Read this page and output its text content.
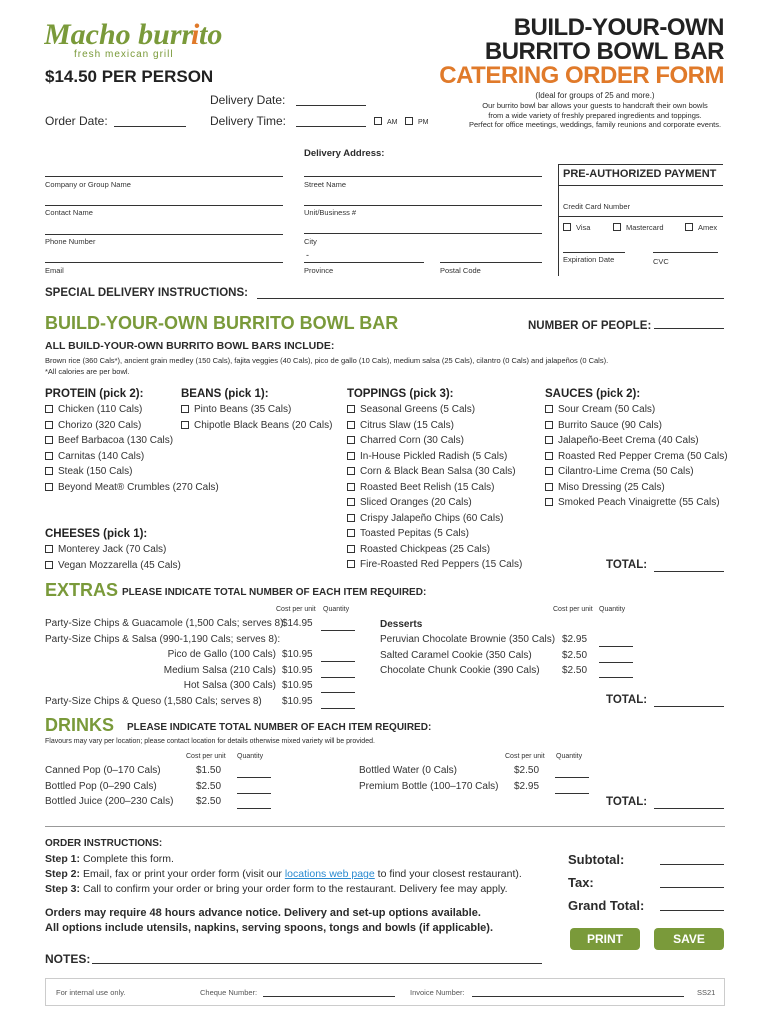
Macho burr
i to
fresh mexican grill
BUILD-YOUR-OWN
BURRITO BOWL BAR
CATERING ORDER FORM
$14.50 PER PERSON
(Ideal for groups of 25 and more.)
Our burrito bowl bar allows your guests to handcraft their own bowls
from a wide variety of freshly prepared ingredients and toppings.
Perfect for office meetings, weddings, family reunions and corporate events.
Delivery Date:
Order Date:	Delivery Time:	AM	PM
Delivery Address:
Company or Group Name
Contact Name
Phone Number
Email
Street Name
Unit/Business #
City
-
Province	Postal Code
PRE-AUTHORIZED PAYMENT
Credit Card Number
Visa	Mastercard	Amex
Expiration Date	CVC
SPECIAL DELIVERY INSTRUCTIONS:
BUILD-YOUR-OWN BURRITO BOWL BAR	NUMBER OF PEOPLE:
ALL BUILD-YOUR-OWN BURRITO BOWL BARS INCLUDE:
Brown rice (360 Cals*), ancient grain medley (150 Cals), fajita veggies (40 Cals), pico de gallo (10 Cals), medium salsa (25 Cals), cilantro (0 Cals) and jalapeños (0 Cals).
*All calories are per bowl.
PROTEIN (pick 2):	BEANS (pick 1):	TOPPINGS (pick 3):	SAUCES (pick 2):
Chicken (110 Cals)
Chorizo (320 Cals)
Beef Barbacoa (130 Cals)
Carnitas (140 Cals)
Steak (150 Cals)
Beyond Meat® Crumbles (270 Cals)
Pinto Beans (35 Cals)
Chipotle Black Beans (20 Cals)
Seasonal Greens (5 Cals)
Citrus Slaw (15 Cals)
Charred Corn (30 Cals)
In-House Pickled Radish (5 Cals)
Corn & Black Bean Salsa (30 Cals)
Roasted Beet Relish (15 Cals)
Sliced Oranges (20 Cals)
Crispy Jalapeño Chips (60 Cals)
Toasted Pepitas (5 Cals)
Roasted Chickpeas (25 Cals)
Fire-Roasted Red Peppers (15 Cals)
Sour Cream (50 Cals)
Burrito Sauce (90 Cals)
Jalapeño-Beet Crema (40 Cals)
Roasted Red Pepper Crema (50 Cals)
Cilantro-Lime Crema (50 Cals)
Miso Dressing (25 Cals)
Smoked Peach Vinaigrette (55 Cals)
CHEESES (pick 1):
Monterey Jack (70 Cals)
Vegan Mozzarella (45 Cals)	TOTAL:
EXTRAS PLEASE INDICATE TOTAL NUMBER OF EACH ITEM REQUIRED:
Cost per unit Quantity	Cost per unit Quantity
Party-Size Chips & Guacamole (1,500 Cals; serves 8)
$14.95
Party-Size Chips & Salsa (990-1,190 Cals; serves 8):
Pico de Gallo (100 Cals) $10.95
Medium Salsa (210 Cals) $10.95
Hot Salsa (300 Cals) $10.95
Party-Size Chips & Queso (1,580 Cals; serves 8) $10.95
Desserts
Peruvian Chocolate Brownie (350 Cals) $2.95
Salted Caramel Cookie (350 Cals)	$2.50
Chocolate Chunk Cookie (390 Cals) $2.50
TOTAL:
DRINKS PLEASE INDICATE TOTAL NUMBER OF EACH ITEM REQUIRED:
Flavours may vary per location; please contact location for details otherwise mixed variety will be provided.
Cost per unit Quantity	Cost per unit Quantity
Canned Pop (0–170 Cals)	$1.50
Bottled Pop (0–290 Cals)	$2.50
Bottled Juice (200–230 Cals) $2.50
Bottled Water (0 Cals)	$2.50
Premium Bottle (100–170 Cals) $2.95
TOTAL:
ORDER INSTRUCTIONS:
Step 1: Complete this form.
Step 2: Email, fax or print your order form (visit our locations web page to find your closest restaurant).
Step 3: Call to confirm your order or bring your order form to the restaurant. Delivery fee may apply.
Orders may require 48 hours advance notice. Delivery and set-up options available.
All options include utensils, napkins, serving spoons, tongs and bowls (if applicable).
Subtotal:
Tax:
Grand Total:
PRINT	SAVE
NOTES:
For internal use only.	Cheque Number:	Invoice Number:	SS21
